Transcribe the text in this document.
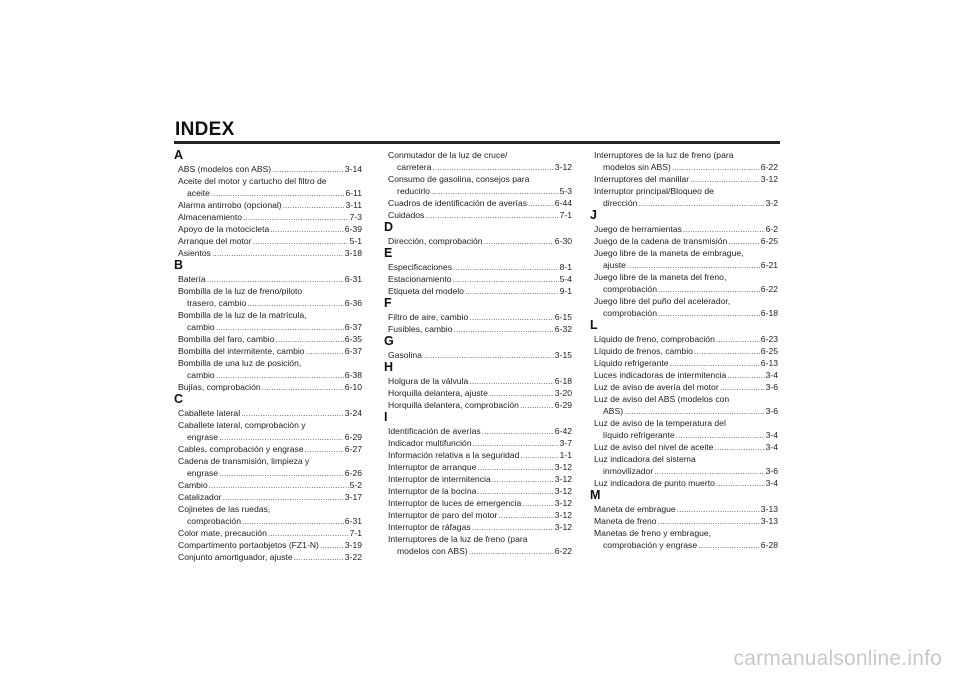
INDEX
A
ABS (modelos con ABS) .....	3-14
Aceite del motor y cartucho del filtro de
aceite .....	6-11
Alarma antirrobo (opcional) .....	3-11
Almacenamiento .....	7-3
Apoyo de la motocicleta .....	6-39
Arranque del motor .....	5-1
Asientos .....	3-18
B
Batería .....	6-31
Bombilla de la luz de freno/piloto
trasero, cambio .....	6-36
Bombilla de la luz de la matrícula,
cambio .....	6-37
Bombilla del faro, cambio .....	6-35
Bombilla del intermitente, cambio .....	6-37
Bombilla de una luz de posición,
cambio .....	6-38
Bujías, comprobación .....	6-10
C
Caballete lateral .....	3-24
Caballete lateral, comprobación y
engrase .....	6-29
Cables, comprobación y engrase .....	6-27
Cadena de transmisión, limpieza y
engrase .....	6-26
Cambio .....	5-2
Catalizador .....	3-17
Cojinetes de las ruedas,
comprobación .....	6-31
Color mate, precaución .....	7-1
Compartimento portaobjetos (FZ1-N) .....	3-19
Conjunto amortiguador, ajuste .....	3-22
Conmutador de la luz de cruce/
carretera .....	3-12
Consumo de gasolina, consejos para
reducirlo .....	5-3
Cuadros de identificación de averías .....	6-44
Cuidados .....	7-1
D
Dirección, comprobación .....	6-30
E
Especificaciones .....	8-1
Estacionamiento .....	5-4
Etiqueta del modelo .....	9-1
F
Filtro de aire, cambio .....	6-15
Fusibles, cambio .....	6-32
G
Gasolina .....	3-15
H
Holgura de la válvula .....	6-18
Horquilla delantera, ajuste .....	3-20
Horquilla delantera, comprobación .....	6-29
I
Identificación de averías .....	6-42
Indicador multifunción .....	3-7
Información relativa a la seguridad .....	1-1
Interruptor de arranque .....	3-12
Interruptor de intermitencia .....	3-12
Interruptor de la bocina .....	3-12
Interruptor de luces de emergencia .....	3-12
Interruptor de paro del motor .....	3-12
Interruptor de ráfagas .....	3-12
Interruptores de la luz de freno (para
modelos con ABS) .....	6-22
Interruptores de la luz de freno (para
modelos sin ABS) .....	6-22
Interruptores del manillar .....	3-12
Interruptor principal/Bloqueo de
dirección .....	3-2
J
Juego de herramientas .....	6-2
Juego de la cadena de transmisión .....	6-25
Juego libre de la maneta de embrague,
ajuste .....	6-21
Juego libre de la maneta del freno,
comprobación .....	6-22
Juego libre del puño del acelerador,
comprobación .....	6-18
L
Líquido de freno, comprobación .....	6-23
Líquido de frenos, cambio .....	6-25
Líquido refrigerante .....	6-13
Luces indicadoras de intermitencia .....	3-4
Luz de aviso de avería del motor .....	3-6
Luz de aviso del ABS (modelos con
ABS) .....	3-6
Luz de aviso de la temperatura del
líquido refrigerante .....	3-4
Luz de aviso del nivel de aceite .....	3-4
Luz indicadora del sistema
inmovilizador .....	3-6
Luz indicadora de punto muerto .....	3-4
M
Maneta de embrague .....	3-13
Maneta de freno .....	3-13
Manetas de freno y embrague,
comprobación y engrase .....	6-28
carmanualsonline.info
